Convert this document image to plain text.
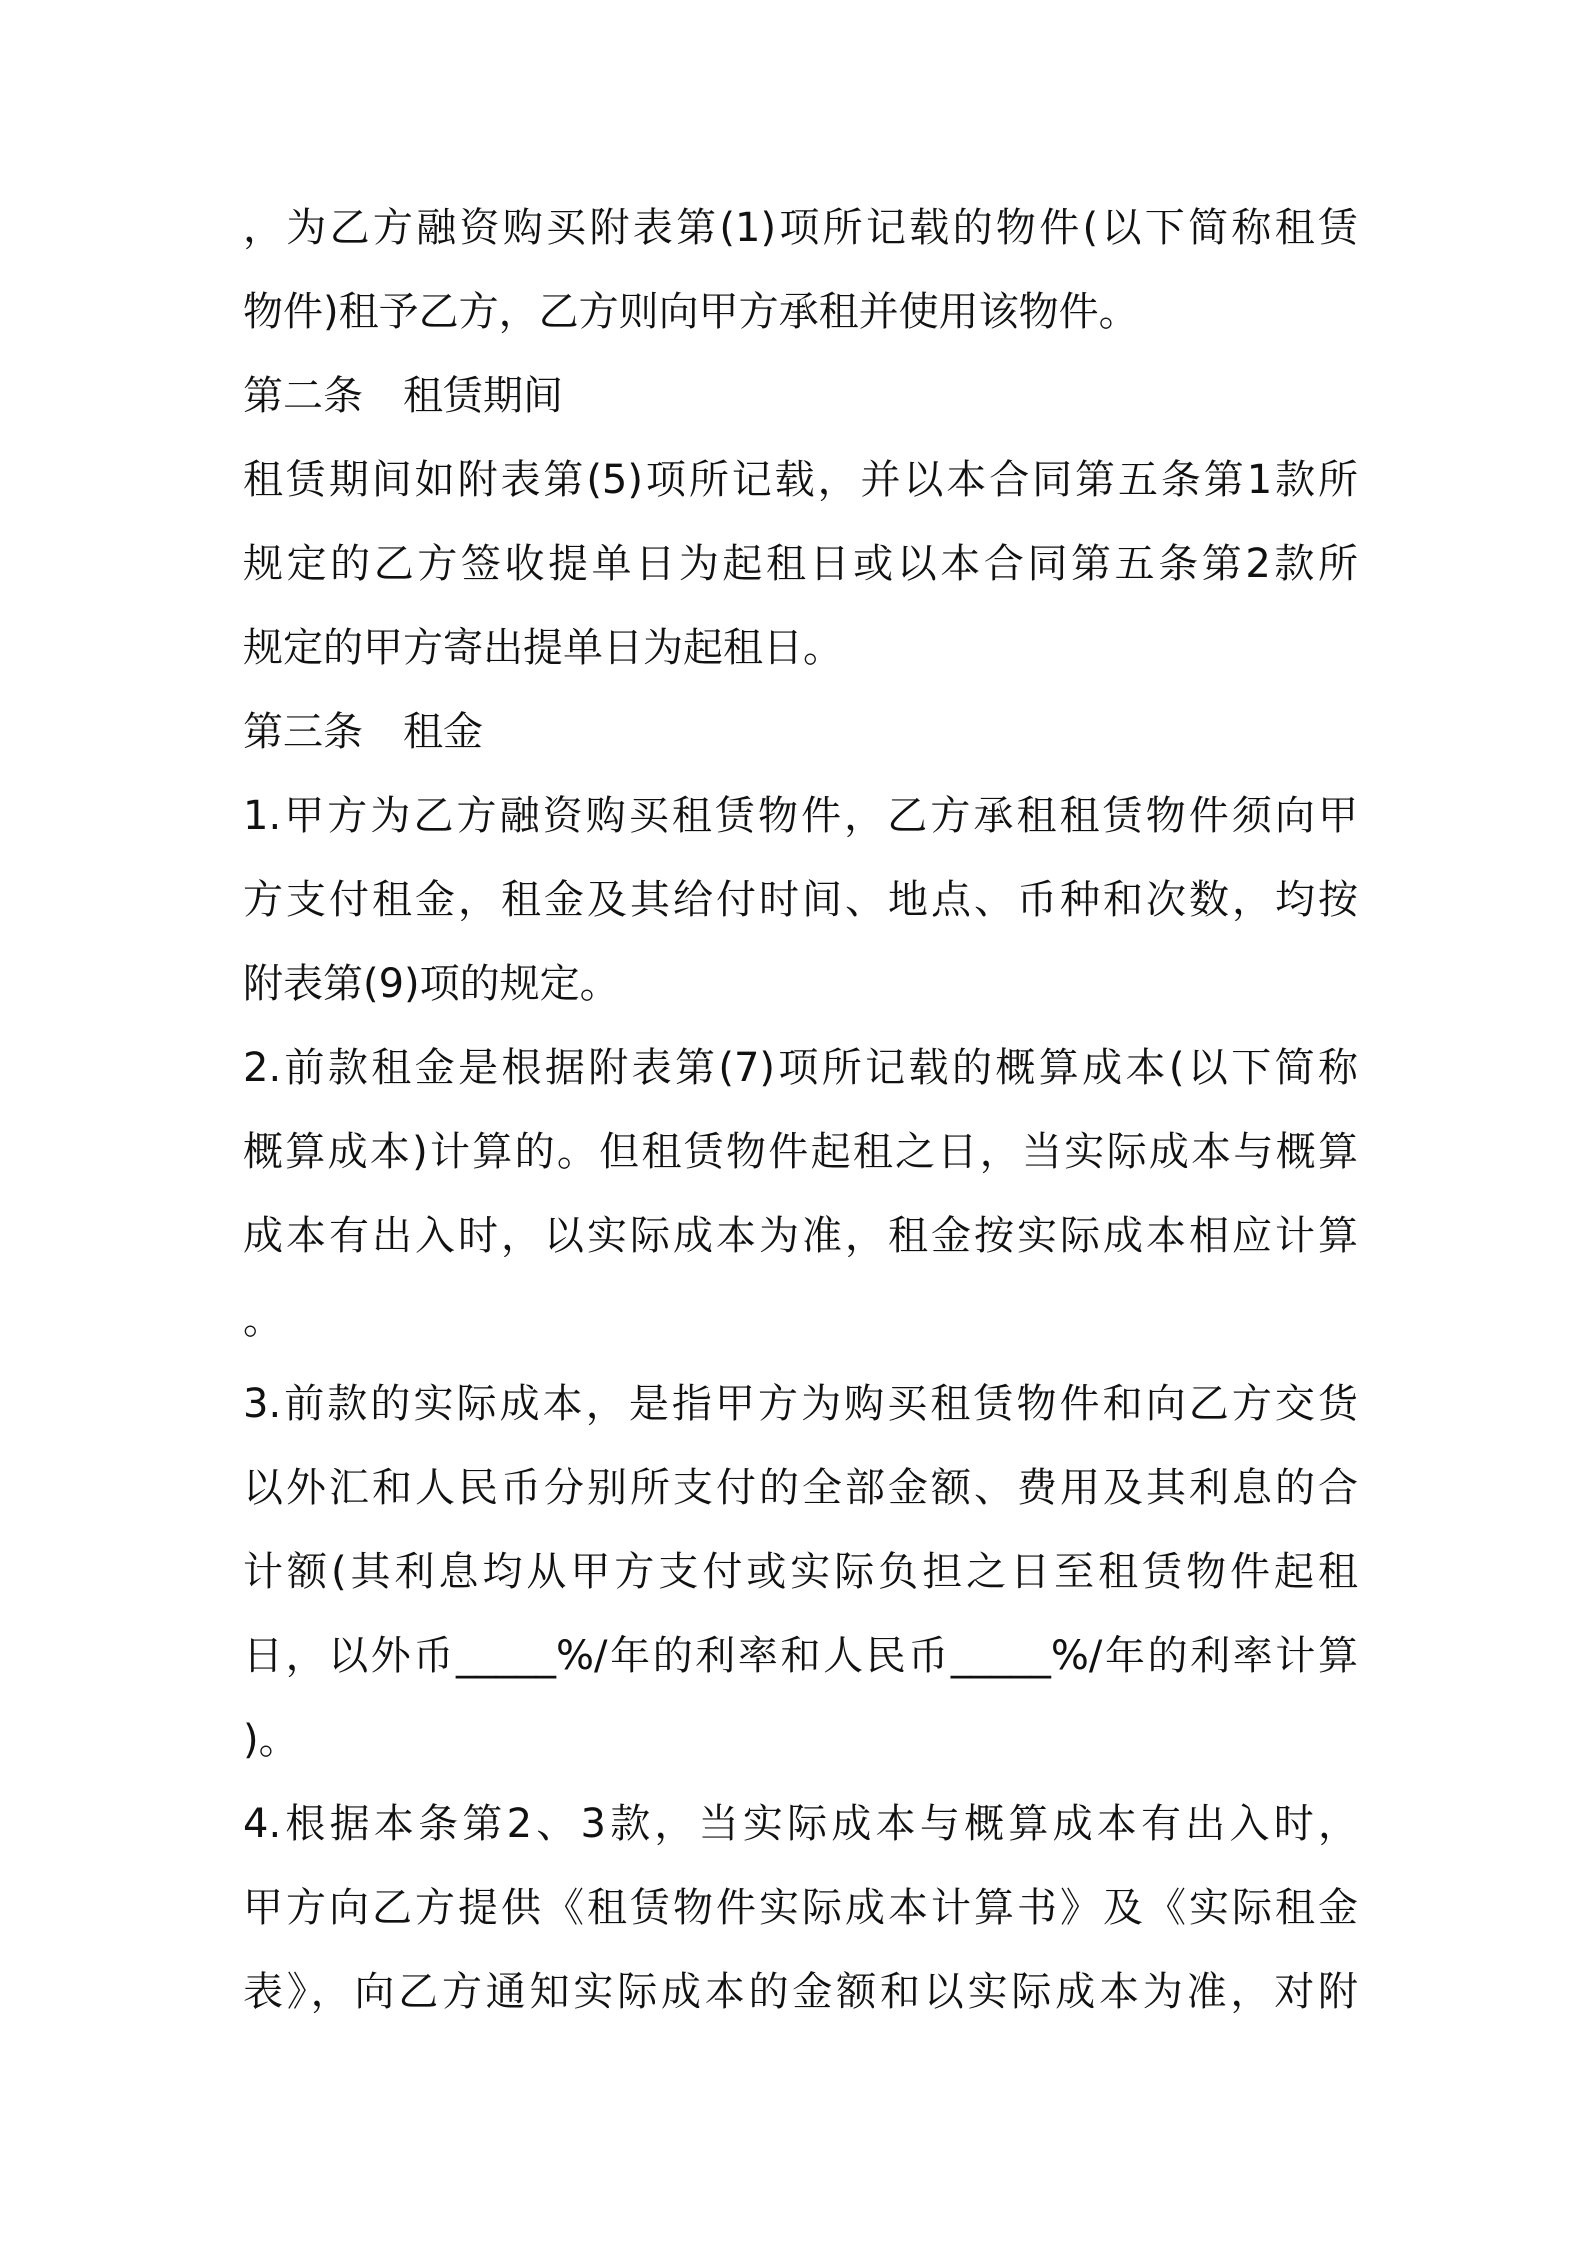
，为乙方融资购买附表第(1)项所记载的物件(以下简称租赁
物件)租予乙方，乙方则向甲方承租并使用该物件。
第二条　租赁期间
租赁期间如附表第(5)项所记载，并以本合同第五条第1款所
规定的乙方签收提单日为起租日或以本合同第五条第2款所
规定的甲方寄出提单日为起租日。
第三条　租金
1.甲方为乙方融资购买租赁物件，乙方承租租赁物件须向甲
方支付租金，租金及其给付时间、地点、币种和次数，均按
附表第(9)项的规定。
2.前款租金是根据附表第(7)项所记载的概算成本(以下简称
概算成本)计算的。但租赁物件起租之日，当实际成本与概算
成本有出入时，以实际成本为准，租金按实际成本相应计算
。
3.前款的实际成本，是指甲方为购买租赁物件和向乙方交货
以外汇和人民币分别所支付的全部金额、费用及其利息的合
计额(其利息均从甲方支付或实际负担之日至租赁物件起租
日，以外币_____%/年的利率和人民币_____%/年的利率计算
)。
4.根据本条第2、3款，当实际成本与概算成本有出入时，
甲方向乙方提供《租赁物件实际成本计算书》及《实际租金
表》，向乙方通知实际成本的金额和以实际成本为准，对附
